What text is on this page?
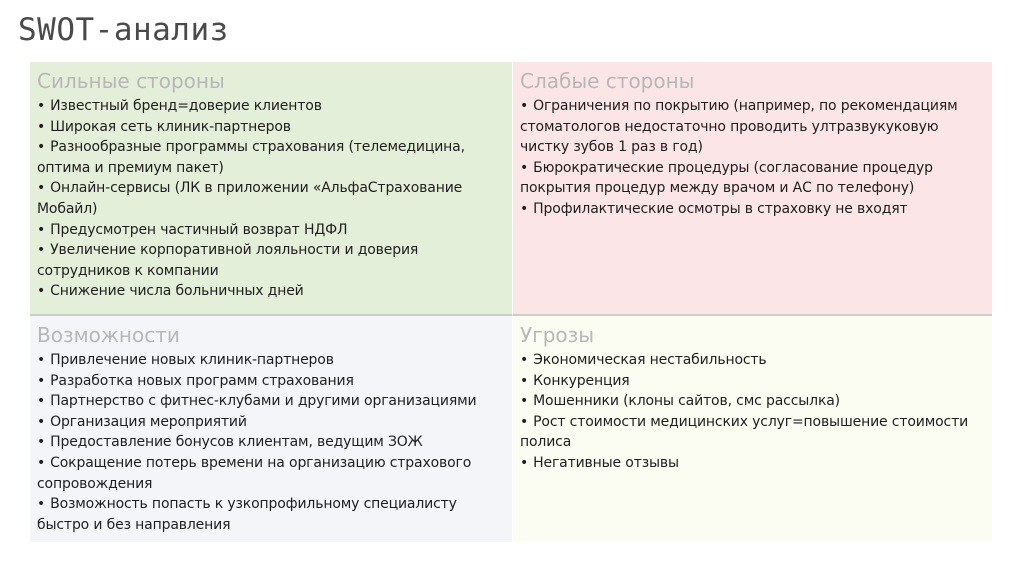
SWOT-анализ
Сильные стороны
• Известный бренд=доверие клиентов
• Широкая сеть клиник-партнеров
• Разнообразные программы страхования (телемедицина, оптима и премиум пакет)
• Онлайн-сервисы (ЛК в приложении «АльфаСтрахование Мобайл)
• Предусмотрен частичный возврат НДФЛ
• Увеличение корпоративной лояльности и доверия сотрудников к компании
• Снижение числа больничных дней
Слабые стороны
• Ограничения по покрытию (например, по рекомендациям стоматологов недостаточно проводить ултразвукуковую чистку зубов 1 раз в год)
• Бюрократические процедуры (согласование процедур покрытия процедур между врачом и АС по телефону)
• Профилактические осмотры в страховку не входят
Возможности
• Привлечение новых клиник-партнеров
• Разработка новых программ страхования
• Партнерство с фитнес-клубами и другими организациями
• Организация мероприятий
• Предоставление бонусов клиентам, ведущим ЗОЖ
• Сокращение потерь времени на организацию страхового сопровождения
• Возможность попасть к узкопрофильному специалисту быстро и без направления
Угрозы
• Экономическая нестабильность
• Конкуренция
• Мошенники (клоны сайтов, смс рассылка)
• Рост стоимости медицинских услуг=повышение стоимости полиса
• Негативные отзывы
